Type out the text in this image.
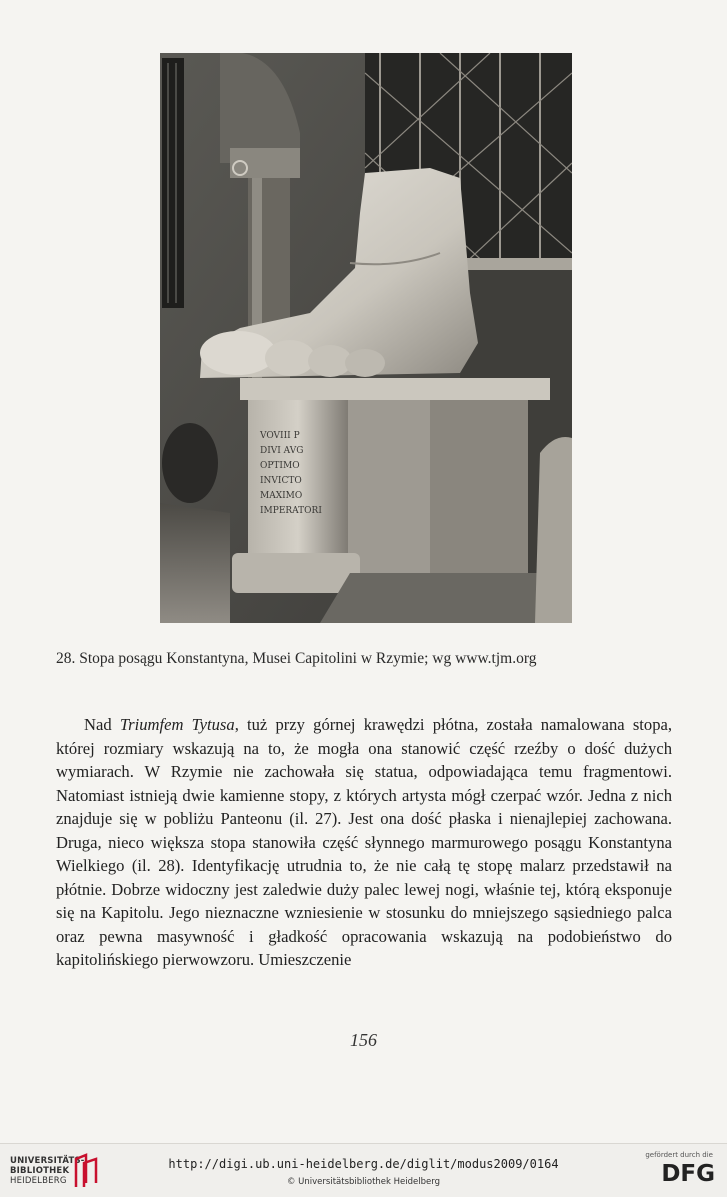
VOVIII P
DIVI AVG
OPTIMO
INVICTO
MAXIMO
IMPERATORI
28. Stopa posągu Konstantyna, Musei Capitolini w Rzymie; wg www.tjm.org

Nad Triumfem Tytusa, tuż przy górnej krawędzi płótna, została namalowana stopa, której rozmiary wskazują na to, że mogła ona stanowić część rzeźby o dość dużych wymiarach. W Rzymie nie zachowała się statua, odpowiadająca temu fragmentowi. Natomiast istnieją dwie kamienne stopy, z których artysta mógł czerpać wzór. Jedna z nich znajduje się w pobliżu Panteonu (il. 27). Jest ona dość płaska i nienajlepiej zachowana. Druga, nieco większa stopa stanowiła część słynnego marmurowego posągu Konstantyna Wielkiego (il. 28). Identyfikację utrudnia to, że nie całą tę stopę malarz przedstawił na płótnie. Dobrze widoczny jest zaledwie duży palec lewej nogi, właśnie tej, którą eksponuje się na Kapitolu. Jego nieznaczne wzniesienie w stosunku do mniejszego sąsiedniego palca oraz pewna masywność i gładkość opracowania wskazują na podobieństwo do kapitolińskiego pierwowzoru. Umieszczenie

156
UNIVERSITÄTS-
BIBLIOTHEK
HEIDELBERG
http://digi.ub.uni-heidelberg.de/diglit/modus2009/0164
© Universitätsbibliothek Heidelberg
gefördert durch die
DFG
